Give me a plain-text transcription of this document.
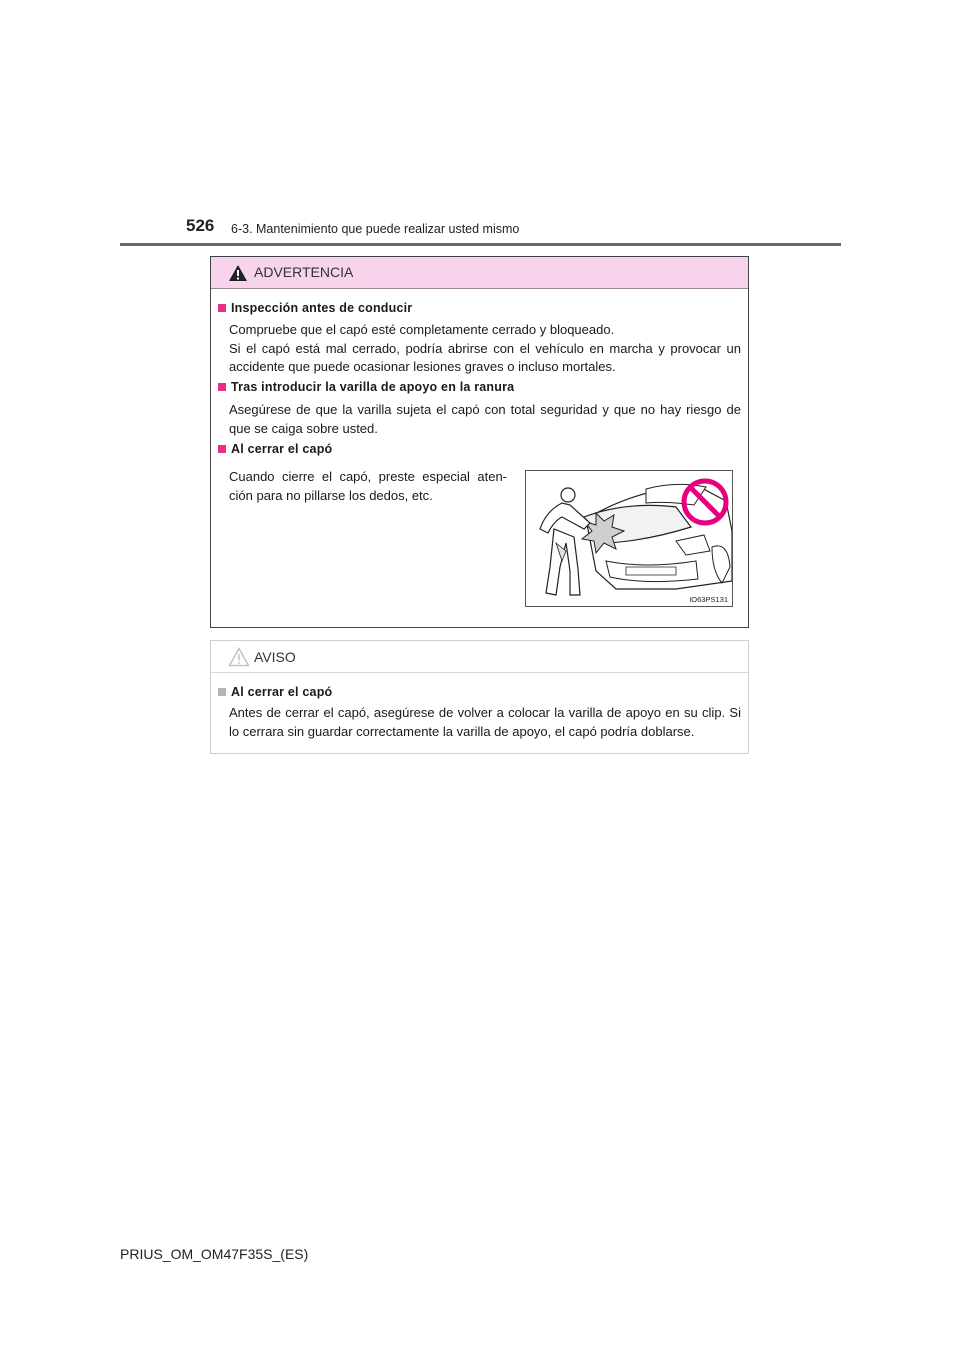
526 6-3. Mantenimiento que puede realizar usted mismo
ADVERTENCIA
Inspección antes de conducir
Compruebe que el capó esté completamente cerrado y bloqueado.
Si el capó está mal cerrado, podría abrirse con el vehículo en marcha y provocar un accidente que puede ocasionar lesiones graves o incluso mortales.
Tras introducir la varilla de apoyo en la ranura
Asegúrese de que la varilla sujeta el capó con total seguridad y que no hay riesgo de que se caiga sobre usted.
Al cerrar el capó
Cuando cierre el capó, preste especial aten-ción para no pillarse los dedos, etc.
IO63PS131
AVISO
Al cerrar el capó
Antes de cerrar el capó, asegúrese de volver a colocar la varilla de apoyo en su clip. Si lo cerrara sin guardar correctamente la varilla de apoyo, el capó podría doblarse.
PRIUS_OM_OM47F35S_(ES)
